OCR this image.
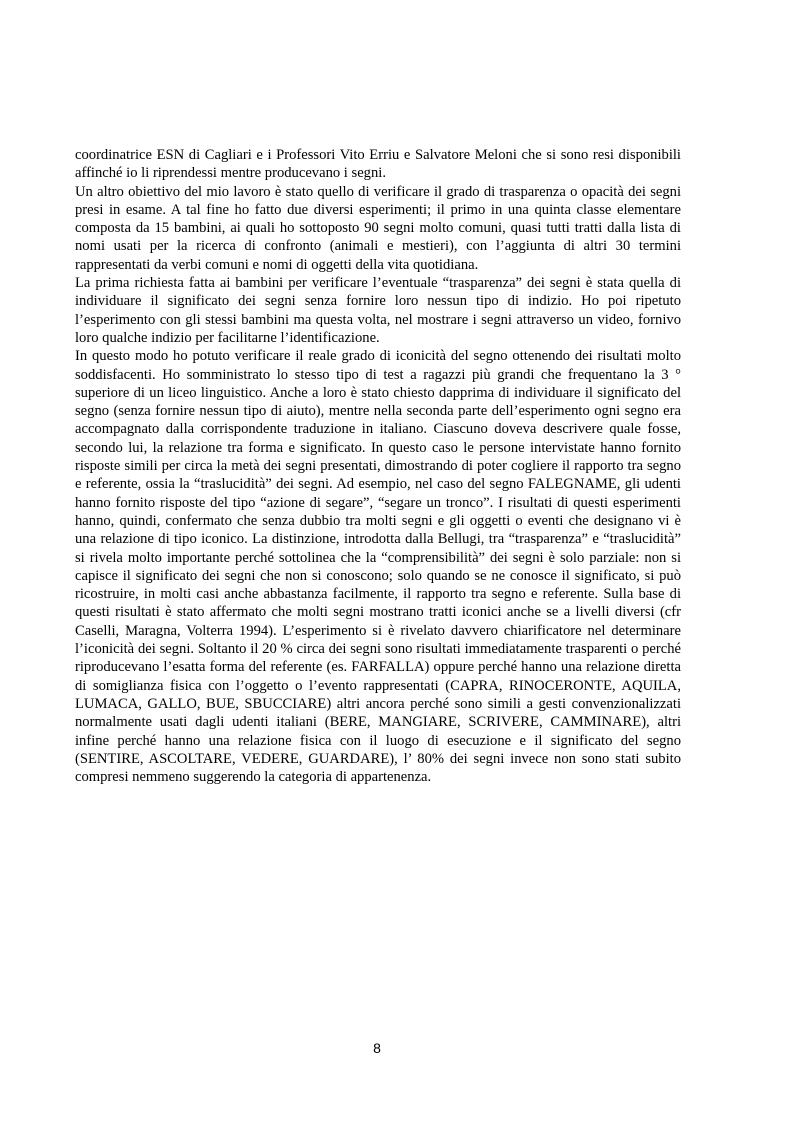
coordinatrice ESN di Cagliari e i Professori Vito Erriu e Salvatore Meloni che si sono resi disponibili affinché io li riprendessi mentre producevano i segni.

Un altro obiettivo del mio lavoro è stato quello di verificare il grado di trasparenza o opacità dei segni presi in esame. A tal fine ho fatto due diversi esperimenti; il primo in una quinta classe elementare composta da 15 bambini, ai quali ho sottoposto 90 segni molto comuni, quasi tutti tratti dalla lista di nomi usati per la ricerca di confronto (animali e mestieri), con l’aggiunta di altri 30 termini rappresentati da verbi comuni e nomi di oggetti della vita quotidiana.

La prima richiesta fatta ai bambini per verificare l’eventuale “trasparenza” dei segni è stata quella di individuare il significato dei segni senza fornire loro nessun tipo di indizio. Ho poi ripetuto l’esperimento con gli stessi bambini ma questa volta, nel mostrare i segni attraverso un video, fornivo loro qualche indizio per facilitarne l’identificazione.

In questo modo ho potuto verificare il reale grado di iconicità del segno ottenendo dei risultati molto soddisfacenti. Ho somministrato lo stesso tipo di test a ragazzi più grandi che frequentano la 3 ° superiore di un liceo linguistico. Anche a loro è stato chiesto dapprima di individuare il significato del segno (senza fornire nessun tipo di aiuto), mentre nella seconda parte dell’esperimento ogni segno era accompagnato dalla corrispondente traduzione in italiano. Ciascuno doveva descrivere quale fosse, secondo lui, la relazione tra forma e significato. In questo caso le persone intervistate hanno fornito risposte simili per circa la metà dei segni presentati, dimostrando di poter cogliere il rapporto tra segno e referente, ossia la “traslucidità” dei segni. Ad esempio, nel caso del segno FALEGNAME, gli udenti hanno fornito risposte del tipo “azione di segare”, “segare un tronco”. I risultati di questi esperimenti hanno, quindi, confermato che senza dubbio tra molti segni e gli oggetti o eventi che designano vi è una relazione di tipo iconico. La distinzione, introdotta dalla Bellugi, tra “trasparenza” e “traslucidità” si rivela molto importante perché sottolinea che la “comprensibilità” dei segni è solo parziale: non si capisce il significato dei segni che non si conoscono; solo quando se ne conosce il significato, si può ricostruire, in molti casi anche abbastanza facilmente, il rapporto tra segno e referente. Sulla base di questi risultati è stato affermato che molti segni mostrano tratti iconici anche se a livelli diversi (cfr Caselli, Maragna, Volterra 1994). L’esperimento si è rivelato davvero chiarificatore nel determinare l’iconicità dei segni. Soltanto il 20 % circa dei segni sono risultati immediatamente trasparenti o perché riproducevano l’esatta forma del referente (es. FARFALLA) oppure perché hanno una relazione diretta di somiglianza fisica con l’oggetto o l’evento rappresentati (CAPRA, RINOCERONTE, AQUILA, LUMACA, GALLO, BUE, SBUCCIARE) altri ancora perché sono simili a gesti convenzionalizzati normalmente usati dagli udenti italiani (BERE, MANGIARE, SCRIVERE, CAMMINARE), altri infine perché hanno una relazione fisica con il luogo di esecuzione e il significato del segno (SENTIRE, ASCOLTARE, VEDERE, GUARDARE), l’ 80% dei segni invece non sono stati subito compresi nemmeno suggerendo la categoria di appartenenza.

8
